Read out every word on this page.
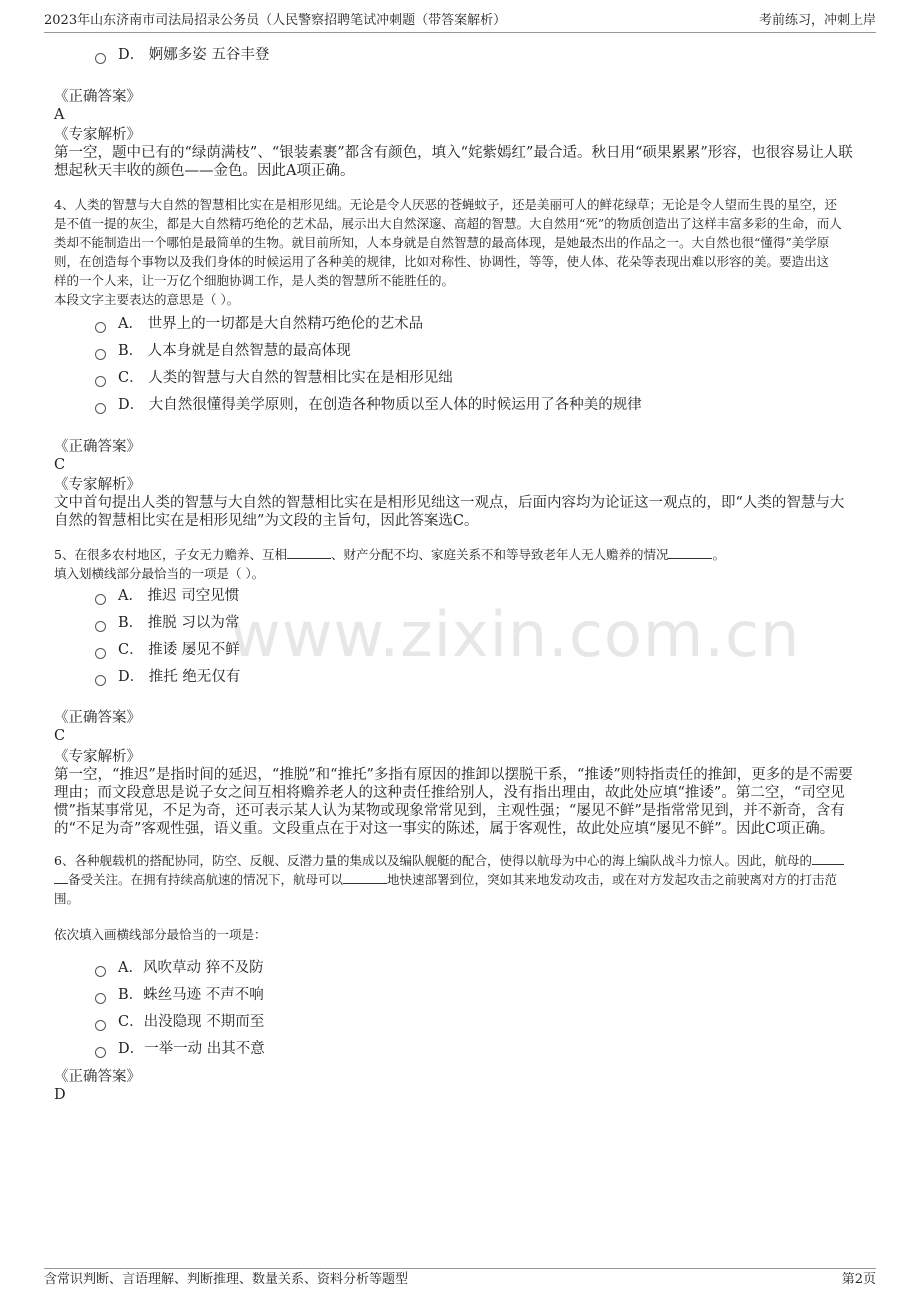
2023年山东济南市司法局招录公务员（人民警察招聘笔试冲刺题（带答案解析）	考前练习，冲刺上岸
www.zixin.com.cn
D． 婀娜多姿 五谷丰登
《正确答案》
A
《专家解析》
第一空，题中已有的“绿荫满枝”、“银装素裹”都含有颜色，填入“姹紫嫣红”最合适。秋日用“硕果累累”形容，也很容易让人联
想起秋天丰收的颜色——金色。因此A项正确。
4、人类的智慧与大自然的智慧相比实在是相形见绌。无论是令人厌恶的苍蝇蚊子，还是美丽可人的鲜花绿草；无论是令人望而生畏的星空，还
是不值一提的灰尘，都是大自然精巧绝伦的艺术品，展示出大自然深邃、高超的智慧。大自然用“死”的物质创造出了这样丰富多彩的生命，而人
类却不能制造出一个哪怕是最简单的生物。就目前所知，人本身就是自然智慧的最高体现，是她最杰出的作品之一。大自然也很“懂得”美学原
则，在创造每个事物以及我们身体的时候运用了各种美的规律，比如对称性、协调性，等等，使人体、花朵等表现出难以形容的美。要造出这
样的一个人来，让一万亿个细胞协调工作，是人类的智慧所不能胜任的。
本段文字主要表达的意思是（ ）。
A． 世界上的一切都是大自然精巧绝伦的艺术品
B． 人本身就是自然智慧的最高体现
C． 人类的智慧与大自然的智慧相比实在是相形见绌
D． 大自然很懂得美学原则，在创造各种物质以至人体的时候运用了各种美的规律
《正确答案》
C
《专家解析》
文中首句提出人类的智慧与大自然的智慧相比实在是相形见绌这一观点，后面内容均为论证这一观点的，即“人类的智慧与大
自然的智慧相比实在是相形见绌”为文段的主旨句，因此答案选C。
5、在很多农村地区，子女无力赡养、互相	、财产分配不均、家庭关系不和等导致老年人无人赡养的情况	。
填入划横线部分最恰当的一项是（ ）。
A． 推迟 司空见惯
B． 推脱 习以为常
C． 推诿 屡见不鲜
D． 推托 绝无仅有
《正确答案》
C
《专家解析》
第一空，“推迟”是指时间的延迟，“推脱”和“推托”多指有原因的推卸以摆脱干系，“推诿”则特指责任的推卸，更多的是不需要
理由；而文段意思是说子女之间互相将赡养老人的这种责任推给别人，没有指出理由，故此处应填“推诿”。第二空，“司空见
惯”指某事常见，不足为奇，还可表示某人认为某物或现象常常见到，主观性强；“屡见不鲜”是指常常见到，并不新奇，含有
的“不足为奇”客观性强，语义重。文段重点在于对这一事实的陈述，属于客观性，故此处应填“屡见不鲜”。因此C项正确。
6、各种舰载机的搭配协同，防空、反舰、反潜力量的集成以及编队舰艇的配合，使得以航母为中心的海上编队战斗力惊人。因此，航母的
备受关注。在拥有持续高航速的情况下，航母可以	地快速部署到位，突如其来地发动攻击，或在对方发起攻击之前驶离对方的打击范
围。
依次填入画横线部分最恰当的一项是：
A．风吹草动 猝不及防
B．蛛丝马迹 不声不响
C．出没隐现 不期而至
D．一举一动 出其不意
《正确答案》
D
含常识判断、言语理解、判断推理、数量关系、资料分析等题型	第2页
